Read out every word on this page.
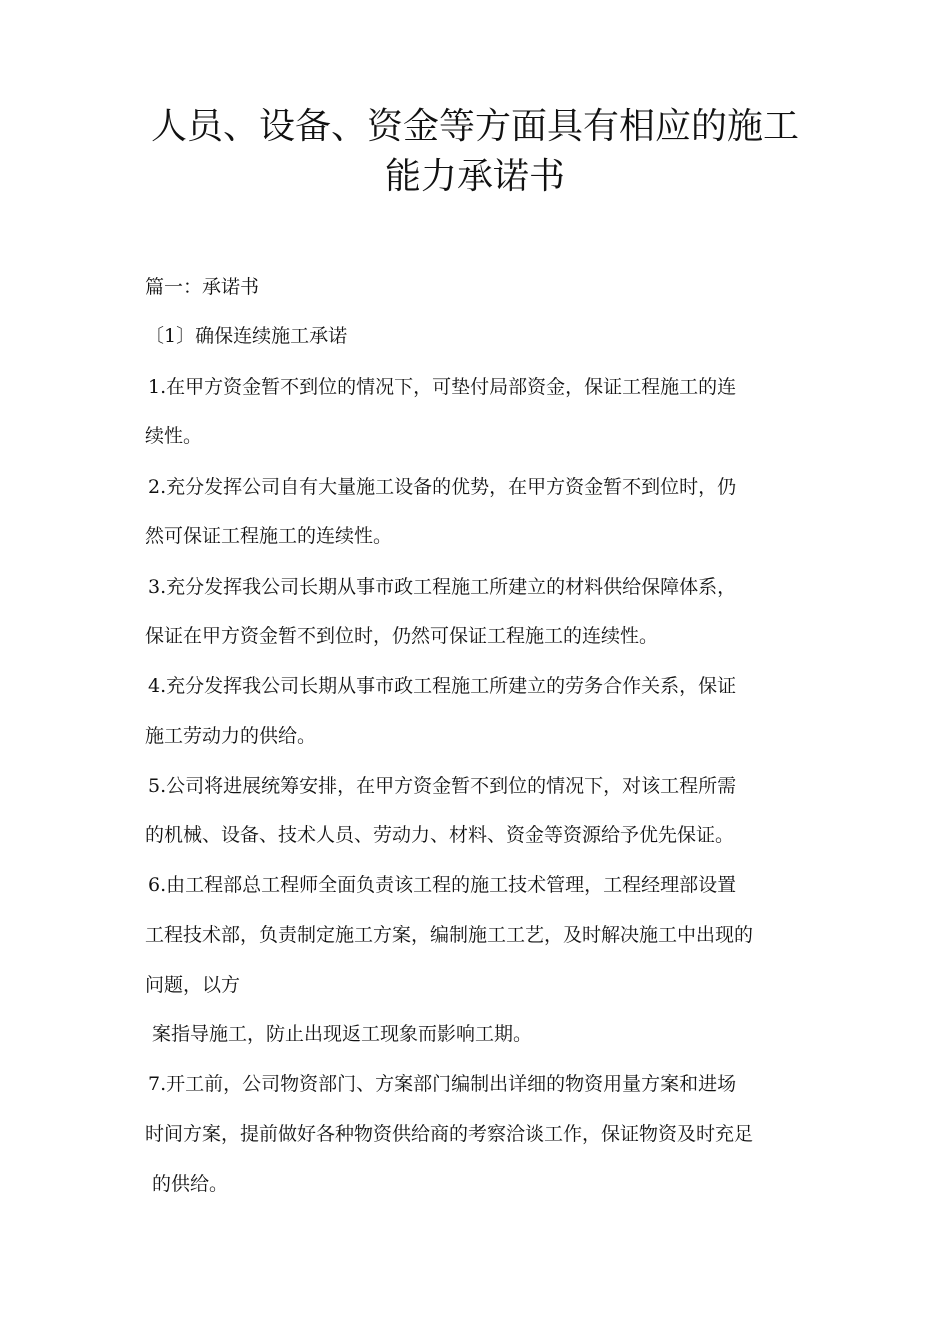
人员、设备、资金等方面具有相应的施工
能力承诺书
篇一：承诺书
〔1〕确保连续施工承诺
1.在甲方资金暂不到位的情况下，可垫付局部资金，保证工程施工的连
续性。
2.充分发挥公司自有大量施工设备的优势，在甲方资金暂不到位时，仍
然可保证工程施工的连续性。
3.充分发挥我公司长期从事市政工程施工所建立的材料供给保障体系，
保证在甲方资金暂不到位时，仍然可保证工程施工的连续性。
4.充分发挥我公司长期从事市政工程施工所建立的劳务合作关系，保证
施工劳动力的供给。
5.公司将进展统筹安排，在甲方资金暂不到位的情况下，对该工程所需
的机械、设备、技术人员、劳动力、材料、资金等资源给予优先保证。
6.由工程部总工程师全面负责该工程的施工技术管理，工程经理部设置
工程技术部，负责制定施工方案，编制施工工艺，及时解决施工中出现的
问题，以方
案指导施工，防止出现返工现象而影响工期。
7.开工前，公司物资部门、方案部门编制出详细的物资用量方案和进场
时间方案，提前做好各种物资供给商的考察洽谈工作，保证物资及时充足
的供给。
